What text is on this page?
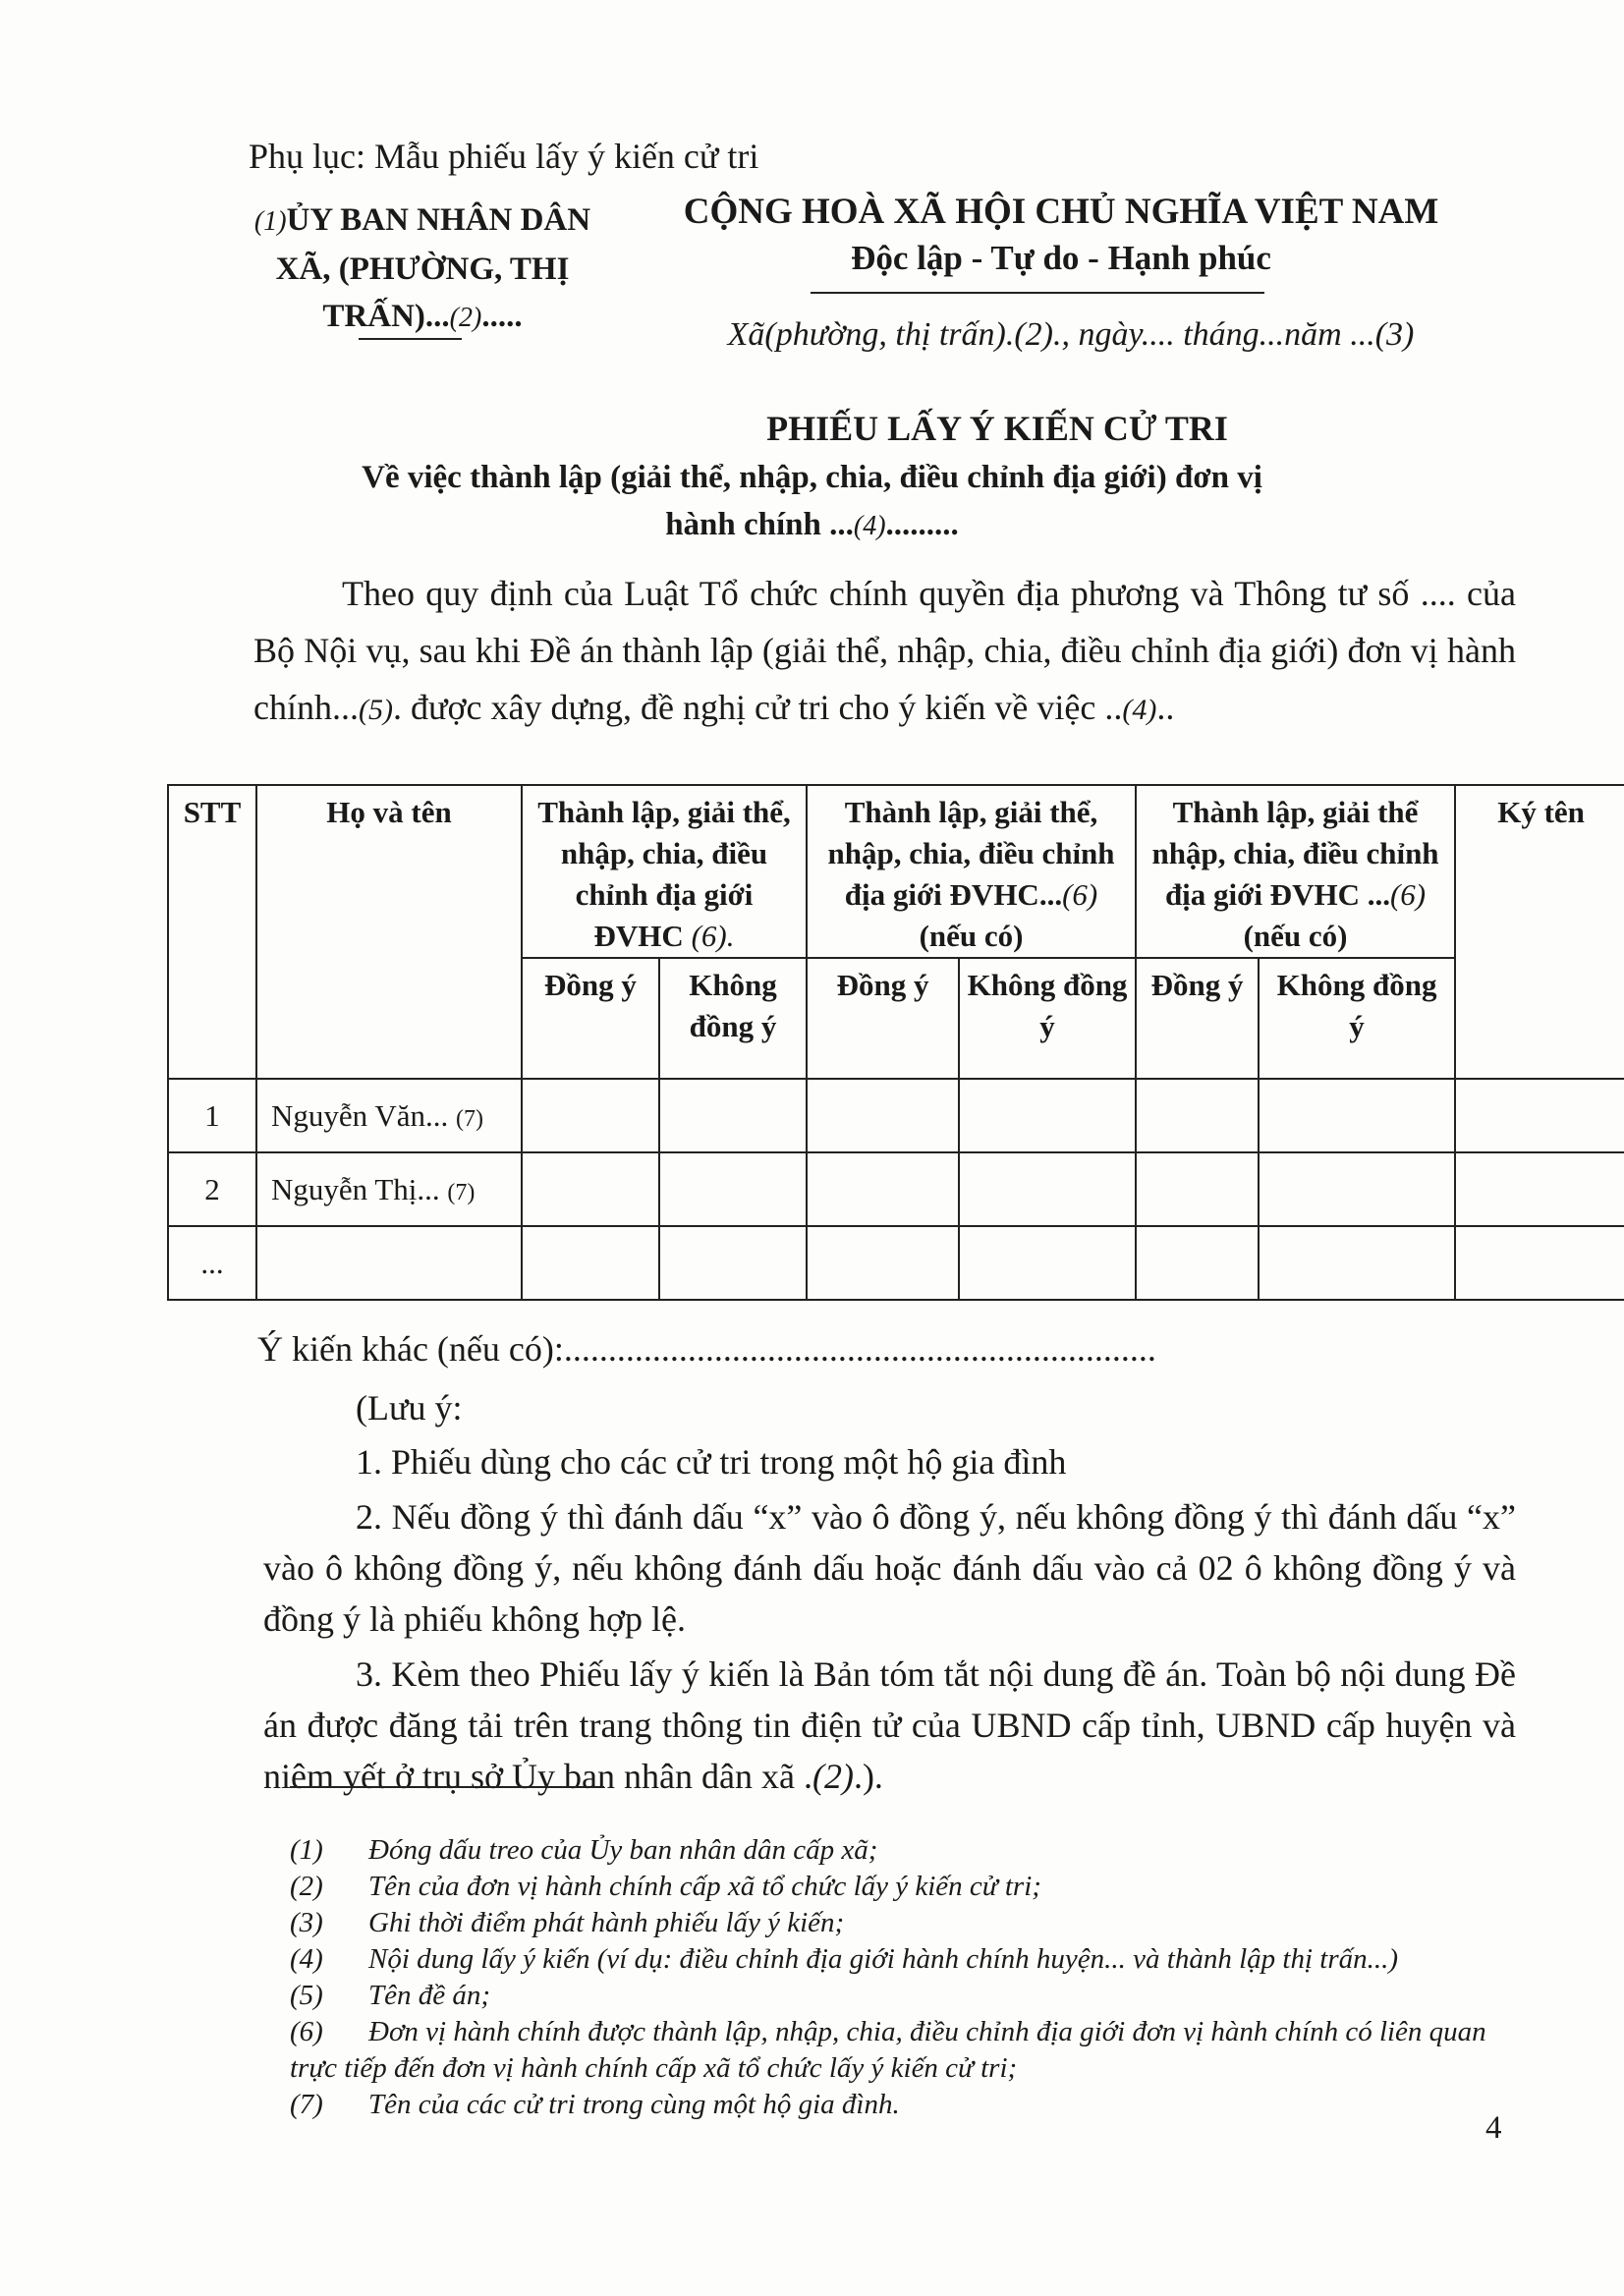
Phụ lục: Mẫu phiếu lấy ý kiến cử tri
(1)ỦY BAN NHÂN DÂN
XÃ, (PHƯỜNG, THỊ
TRẤN)...(2).....
CỘNG HOÀ XÃ HỘI CHỦ NGHĨA VIỆT NAM
Độc lập - Tự do - Hạnh phúc
Xã(phường, thị trấn).(2)., ngày.... tháng...năm ...(3)
PHIẾU LẤY Ý KIẾN CỬ TRI
Về việc thành lập (giải thể, nhập, chia, điều chỉnh địa giới) đơn vị
hành chính ...(4).........
Theo quy định của Luật Tổ chức chính quyền địa phương và Thông tư số .... của Bộ Nội vụ, sau khi Đề án thành lập (giải thể, nhập, chia, điều chỉnh địa giới) đơn vị hành chính...(5). được xây dựng, đề nghị cử tri cho ý kiến về việc ..(4)..
STT	Họ và tên	Thành lập, giải thể, nhập, chia, điều chỉnh địa giới ĐVHC (6).		Thành lập, giải thể, nhập, chia, điều chỉnh địa giới ĐVHC...(6) (nếu có)		Thành lập, giải thể nhập, chia, điều chỉnh địa giới ĐVHC ...(6) (nếu có)		Ký tên
		Đồng ý	Không đồng ý	Đồng ý	Không đồng ý	Đồng ý	Không đồng ý	
1	Nguyễn Văn... (7)							
2	Nguyễn Thị... (7)							
...								
Ý kiến khác (nếu có):...................................................................
(Lưu ý:

1. Phiếu dùng cho các cử tri trong một hộ gia đình

2. Nếu đồng ý thì đánh dấu “x” vào ô đồng ý, nếu không đồng ý thì đánh dấu “x” vào ô không đồng ý, nếu không đánh dấu hoặc đánh dấu vào cả 02 ô không đồng ý và đồng ý là phiếu không hợp lệ.

3. Kèm theo Phiếu lấy ý kiến là Bản tóm tắt nội dung đề án. Toàn bộ nội dung Đề án được đăng tải trên trang thông tin điện tử của UBND cấp tỉnh, UBND cấp huyện và niêm yết ở trụ sở Ủy ban nhân dân xã .(2).).

(1)	Đóng dấu treo của Ủy ban nhân dân cấp xã;
(2)	Tên của đơn vị hành chính cấp xã tổ chức lấy ý kiến cử tri;
(3)	Ghi thời điểm phát hành phiếu lấy ý kiến;
(4)	Nội dung lấy ý kiến (ví dụ: điều chỉnh địa giới hành chính huyện... và thành lập thị trấn...)
(5)	Tên đề án;
(6) Đơn vị hành chính được thành lập, nhập, chia, điều chỉnh địa giới đơn vị hành chính có liên quan trực tiếp đến đơn vị hành chính cấp xã tổ chức lấy ý kiến cử tri;
(7)	Tên của các cử tri trong cùng một hộ gia đình.
4
